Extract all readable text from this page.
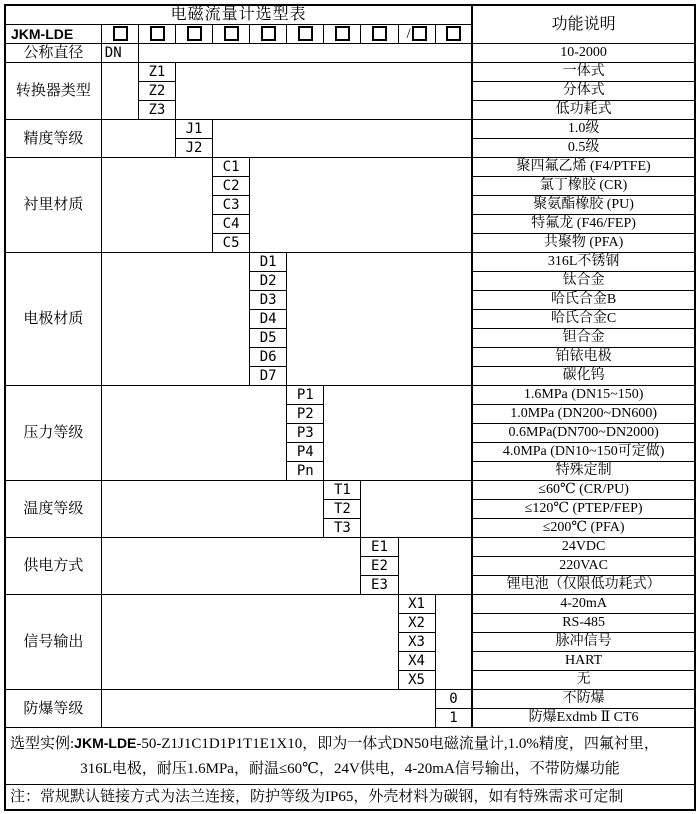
电磁流量计选型表											功能说明
JKM-LDE									/		
公称直径	DN										10-2000
转换器类型		Z1									一体式
		Z2									分体式
		Z3									低功耗式
精度等级			J1								1.0级
			J2								0.5级
衬里材质				C1							聚四氟乙烯 (F4/PTFE)
				C2							氯丁橡胶 (CR)
				C3							聚氨酯橡胶 (PU)
				C4							特氟龙 (F46/FEP)
				C5							共聚物 (PFA)
电极材质					D1						316L不锈钢
					D2						钛合金
					D3						哈氏合金B
					D4						哈氏合金C
					D5						钽合金
					D6						铂铱电极
					D7						碳化钨
压力等级						P1					1.6MPa (DN15~150)
						P2					1.0MPa (DN200~DN600)
						P3					0.6MPa(DN700~DN2000)
						P4					4.0MPa (DN10~150可定做)
						Pn					特殊定制
温度等级							T1				≤60℃ (CR/PU)
							T2				≤120℃ (PTEP/FEP)
							T3				≤200℃ (PFA)
供电方式								E1			24VDC
								E2			220VAC
								E3			锂电池（仅限低功耗式）
信号输出									X1		4-20mA
									X2		RS-485
									X3		脉冲信号
									X4		HART
									X5		无
防爆等级										0	不防爆
										1	防爆Exdmb Ⅱ CT6

选型实例:JKM-LDE-50-Z1J1C1D1P1T1E1X10，即为一体式DN50电磁流量计,1.0%精度，四氟衬里，
316L电极，耐压1.6MPa，耐温≤60℃，24V供电，4-20mA信号输出，不带防爆功能											

注：常规默认链接方式为法兰连接，防护等级为IP65，外壳材料为碳钢，如有特殊需求可定制											
